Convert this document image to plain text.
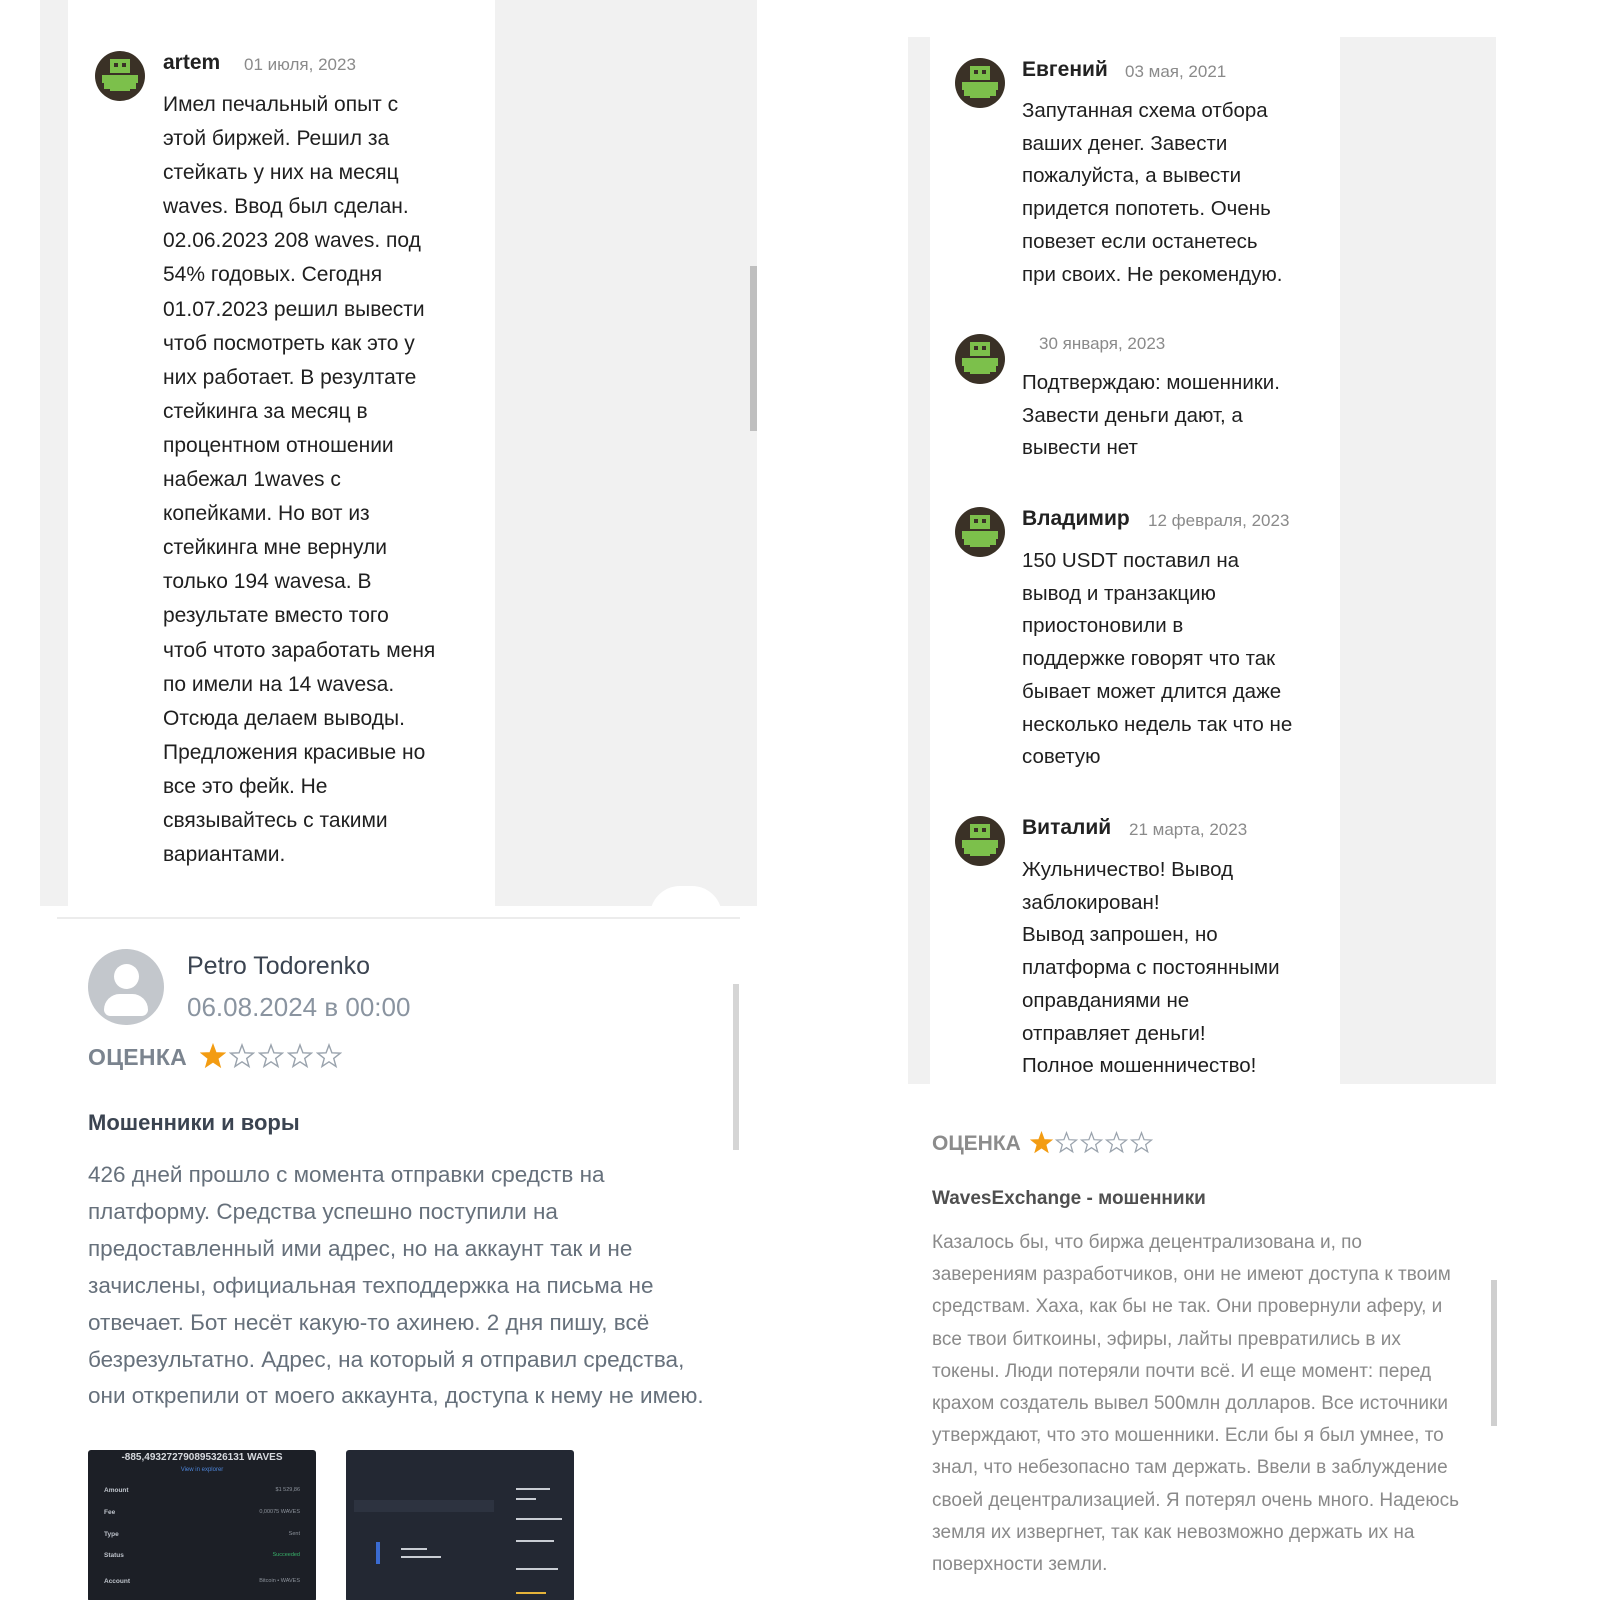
artem 01 июля, 2023
Имел печальный опыт с
этой биржей. Решил за
стейкать у них на месяц
waves. Ввод был сделан.
02.06.2023 208 waves. под
54% годовых. Сегодня
01.07.2023 решил вывести
чтоб посмотреть как это у
них работает. В резултате
стейкинга за месяц в
процентном отношении
набежал 1waves с
копейками. Но вот из
стейкинга мне вернули
только 194 wavesa. В
результате вместо того
чтоб чтото заработать меня
по имели на 14 wavesa.
Отсюда делаем выводы.
Предложения красивые но
все это фейк. Не
связывайтесь с такими
вариантами.
Petro Todorenko
06.08.2024 в 00:00
ОЦЕНКА
Мошенники и воры
426 дней прошло с момента отправки средств на платформу. Средства успешно поступили на предоставленный ими адрес, но на аккаунт так и не зачислены, официальная техподдержка на письма не отвечает. Бот несёт какую-то ахинею. 2 дня пишу, всё безрезультатно. Адрес, на который я отправил средства, они открепили от моего аккаунта, доступа к нему не имею.
-885,49327279089532613​1 WAVES
View in explorer
Amount	$1 529,86
Fee	0,00075 WAVES
Type	Sent
Status	Succeeded
Account	Bitcoin • WAVES
Евгений 03 мая, 2021
Запутанная схема отбора
ваших денег. Завести
пожалуйста, а вывести
придется попотеть. Очень
повезет если останетесь
при своих. Не рекомендую.
30 января, 2023
Подтверждаю: мошенники.
Завести деньги дают, а
вывести нет
Владимир 12 февраля, 2023
150 USDT поставил на
вывод и транзакцию
приостоновили в
поддержке говорят что так
бывает может длится даже
несколько недель так что не
советую
Виталий 21 марта, 2023
Жульничество! Вывод
заблокирован!
Вывод запрошен, но
платформа с постоянными
оправданиями не
отправляет деньги!
Полное мошенничество!
ОЦЕНКА
WavesExchange - мошенники
Казалось бы, что биржа децентрализована и, по заверениям разработчиков, они не имеют доступа к твоим средствам. Хаха, как бы не так. Они провернули аферу, и все твои биткоины, эфиры, лайты превратились в их токены. Люди потеряли почти всё. И еще момент: перед крахом создатель вывел 500млн долларов. Все источники утверждают, что это мошенники. Если бы я был умнее, то знал, что небезопасно там держать. Ввели в заблуждение своей децентрализацией. Я потерял очень много. Надеюсь земля их извергнет, так как невозможно держать их на поверхности земли.
